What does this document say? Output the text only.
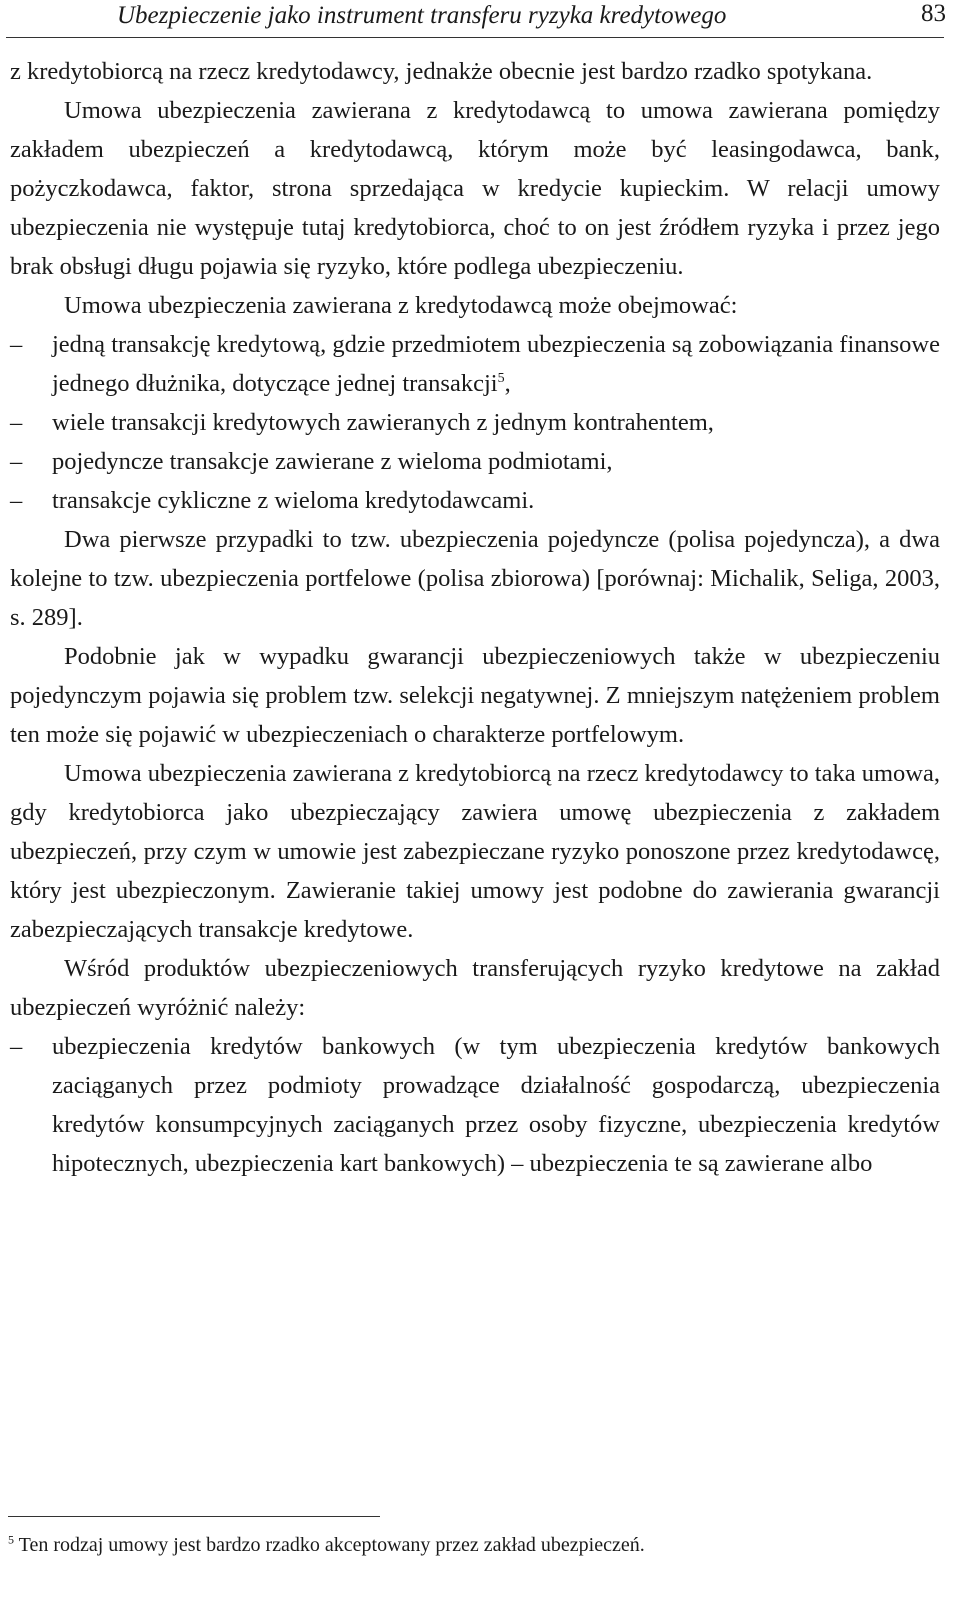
Ubezpieczenie jako instrument transferu ryzyka kredytowego	83

z kredytobiorcą na rzecz kredytodawcy, jednakże obecnie jest bardzo rzadko spotykana.

Umowa ubezpieczenia zawierana z kredytodawcą to umowa zawierana pomiędzy zakładem ubezpieczeń a kredytodawcą, którym może być leasingodawca, bank, pożyczkodawca, faktor, strona sprzedająca w kredycie kupieckim. W relacji umowy ubezpieczenia nie występuje tutaj kredytobiorca, choć to on jest źródłem ryzyka i przez jego brak obsługi długu pojawia się ryzyko, które podlega ubezpieczeniu.

Umowa ubezpieczenia zawierana z kredytodawcą może obejmować:

– jedną transakcję kredytową, gdzie przedmiotem ubezpieczenia są zobowiązania finansowe jednego dłużnika, dotyczące jednej transakcji$^5$,
– wiele transakcji kredytowych zawieranych z jednym kontrahentem,
– pojedyncze transakcje zawierane z wieloma podmiotami,
– transakcje cykliczne z wieloma kredytodawcami.

Dwa pierwsze przypadki to tzw. ubezpieczenia pojedyncze (polisa pojedyncza), a dwa kolejne to tzw. ubezpieczenia portfelowe (polisa zbiorowa) [porównaj: Michalik, Seliga, 2003, s. 289].

Podobnie jak w wypadku gwarancji ubezpieczeniowych także w ubezpieczeniu pojedynczym pojawia się problem tzw. selekcji negatywnej. Z mniejszym natężeniem problem ten może się pojawić w ubezpieczeniach o charakterze portfelowym.

Umowa ubezpieczenia zawierana z kredytobiorcą na rzecz kredytodawcy to taka umowa, gdy kredytobiorca jako ubezpieczający zawiera umowę ubezpieczenia z zakładem ubezpieczeń, przy czym w umowie jest zabezpieczane ryzyko ponoszone przez kredytodawcę, który jest ubezpieczonym. Zawieranie takiej umowy jest podobne do zawierania gwarancji zabezpieczających transakcje kredytowe.

Wśród produktów ubezpieczeniowych transferujących ryzyko kredytowe na zakład ubezpieczeń wyróżnić należy:

– ubezpieczenia kredytów bankowych (w tym ubezpieczenia kredytów bankowych zaciąganych przez podmioty prowadzące działalność gospodarczą, ubezpieczenia kredytów konsumpcyjnych zaciąganych przez osoby fizyczne, ubezpieczenia kredytów hipotecznych, ubezpieczenia kart bankowych) – ubezpieczenia te są zawierane albo
$^5$ Ten rodzaj umowy jest bardzo rzadko akceptowany przez zakład ubezpieczeń.
